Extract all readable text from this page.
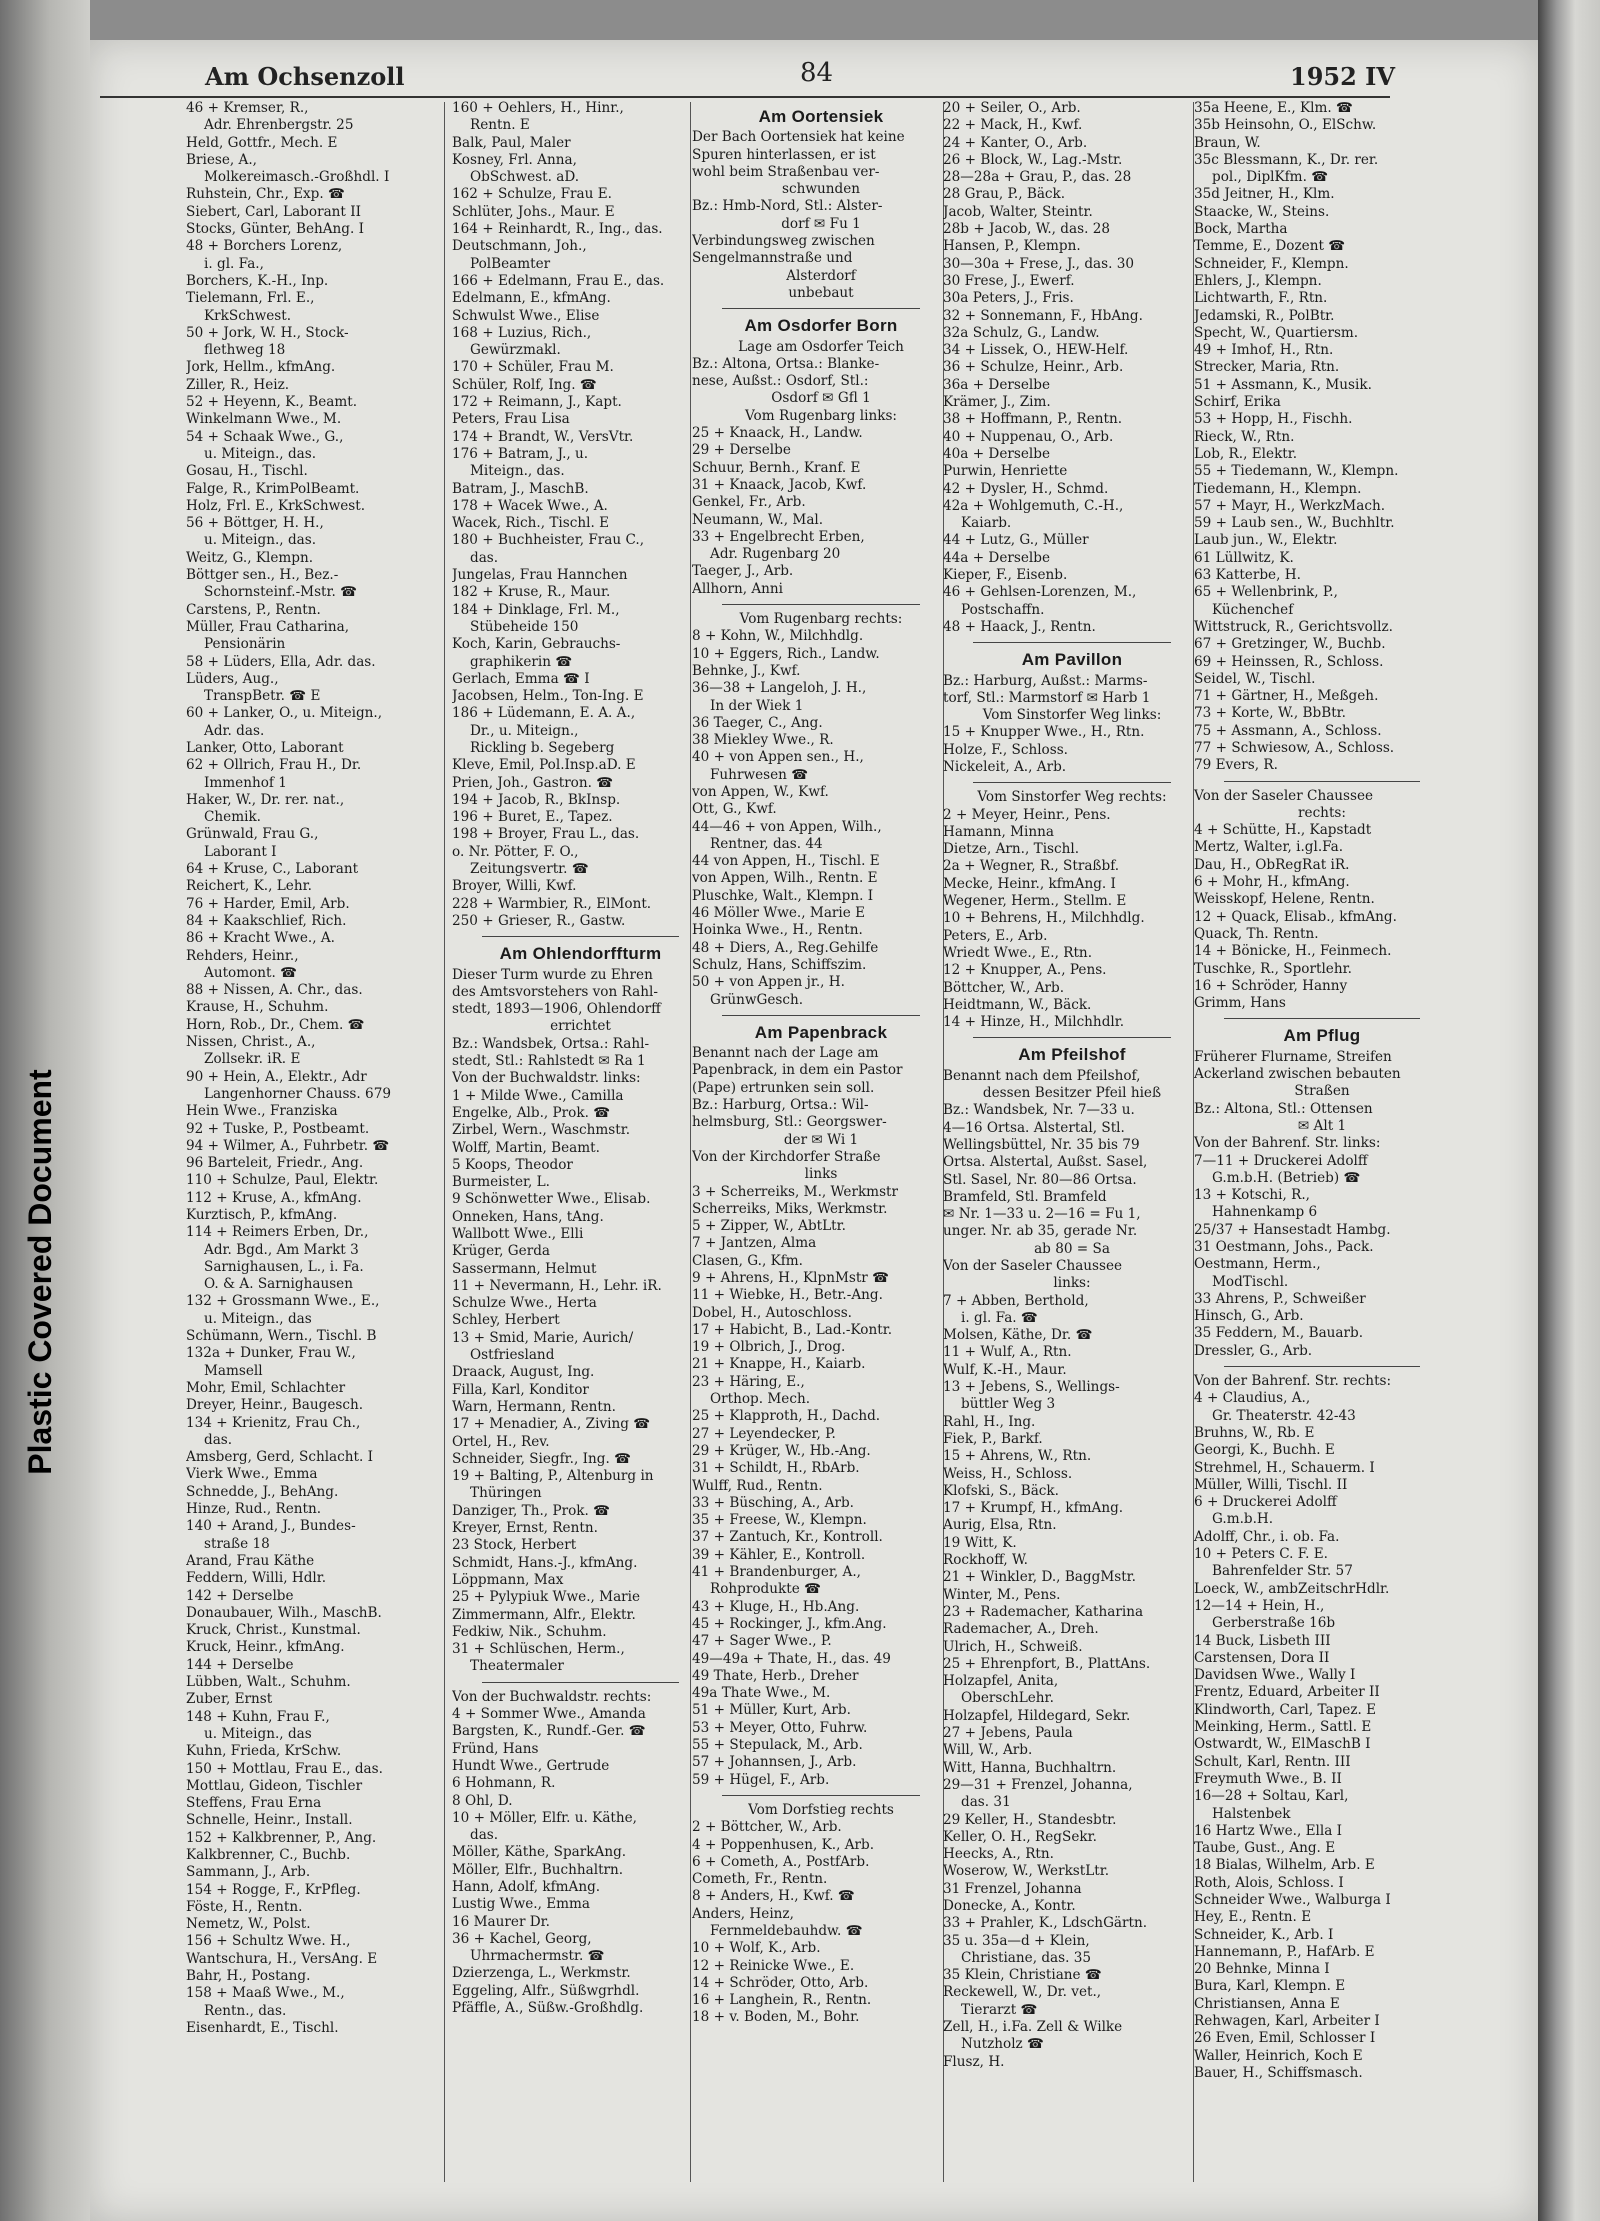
Plastic Covered Document
Am Ochsenzoll	84	1952 IV
46 + Kremser, R.,
Adr. Ehrenbergstr. 25
Held, Gottfr., Mech. E
Briese, A.,
Molkereimasch.-Großhdl. I
Ruhstein, Chr., Exp. ☎
Siebert, Carl, Laborant II
Stocks, Günter, BehAng. I
48 + Borchers Lorenz,
i. gl. Fa.,
Borchers, K.-H., Inp.
Tielemann, Frl. E.,
KrkSchwest.
50 + Jork, W. H., Stock-
flethweg 18
Jork, Hellm., kfmAng.
Ziller, R., Heiz.
52 + Heyenn, K., Beamt.
Winkelmann Wwe., M.
54 + Schaak Wwe., G.,
u. Miteign., das.
Gosau, H., Tischl.
Falge, R., KrimPolBeamt.
Holz, Frl. E., KrkSchwest.
56 + Böttger, H. H.,
u. Miteign., das.
Weitz, G., Klempn.
Böttger sen., H., Bez.-
Schornsteinf.-Mstr. ☎
Carstens, P., Rentn.
Müller, Frau Catharina,
Pensionärin
58 + Lüders, Ella, Adr. das.
Lüders, Aug.,
TranspBetr. ☎ E
60 + Lanker, O., u. Miteign.,
Adr. das.
Lanker, Otto, Laborant
62 + Ollrich, Frau H., Dr.
Immenhof 1
Haker, W., Dr. rer. nat.,
Chemik.
Grünwald, Frau G.,
Laborant I
64 + Kruse, C., Laborant
Reichert, K., Lehr.
76 + Harder, Emil, Arb.
84 + Kaakschlief, Rich.
86 + Kracht Wwe., A.
Rehders, Heinr.,
Automont. ☎
88 + Nissen, A. Chr., das.
Krause, H., Schuhm.
Horn, Rob., Dr., Chem. ☎
Nissen, Christ., A.,
Zollsekr. iR. E
90 + Hein, A., Elektr., Adr
Langenhorner Chauss. 679
Hein Wwe., Franziska
92 + Tuske, P., Postbeamt.
94 + Wilmer, A., Fuhrbetr. ☎
96 Barteleit, Friedr., Ang.
110 + Schulze, Paul, Elektr.
112 + Kruse, A., kfmAng.
Kurztisch, P., kfmAng.
114 + Reimers Erben, Dr.,
Adr. Bgd., Am Markt 3
Sarnighausen, L., i. Fa.
O. & A. Sarnighausen
132 + Grossmann Wwe., E.,
u. Miteign., das
Schümann, Wern., Tischl. B
132a + Dunker, Frau W.,
Mamsell
Mohr, Emil, Schlachter
Dreyer, Heinr., Baugesch.
134 + Krienitz, Frau Ch.,
das.
Amsberg, Gerd, Schlacht. I
Vierk Wwe., Emma
Schnedde, J., BehAng.
Hinze, Rud., Rentn.
140 + Arand, J., Bundes-
straße 18
Arand, Frau Käthe
Feddern, Willi, Hdlr.
142 + Derselbe
Donaubauer, Wilh., MaschB.
Kruck, Christ., Kunstmal.
Kruck, Heinr., kfmAng.
144 + Derselbe
Lübben, Walt., Schuhm.
Zuber, Ernst
148 + Kuhn, Frau F.,
u. Miteign., das
Kuhn, Frieda, KrSchw.
150 + Mottlau, Frau E., das.
Mottlau, Gideon, Tischler
Steffens, Frau Erna
Schnelle, Heinr., Install.
152 + Kalkbrenner, P., Ang.
Kalkbrenner, C., Buchb.
Sammann, J., Arb.
154 + Rogge, F., KrPfleg.
Föste, H., Rentn.
Nemetz, W., Polst.
156 + Schultz Wwe. H.,
Wantschura, H., VersAng. E
Bahr, H., Postang.
158 + Maaß Wwe., M.,
Rentn., das.
Eisenhardt, E., Tischl.
160 + Oehlers, H., Hinr.,
Rentn. E
Balk, Paul, Maler
Kosney, Frl. Anna,
ObSchwest. aD.
162 + Schulze, Frau E.
Schlüter, Johs., Maur. E
164 + Reinhardt, R., Ing., das.
Deutschmann, Joh.,
PolBeamter
166 + Edelmann, Frau E., das.
Edelmann, E., kfmAng.
Schwulst Wwe., Elise
168 + Luzius, Rich.,
Gewürzmakl.
170 + Schüler, Frau M.
Schüler, Rolf, Ing. ☎
172 + Reimann, J., Kapt.
Peters, Frau Lisa
174 + Brandt, W., VersVtr.
176 + Batram, J., u.
Miteign., das.
Batram, J., MaschB.
178 + Wacek Wwe., A.
Wacek, Rich., Tischl. E
180 + Buchheister, Frau C.,
das.
Jungelas, Frau Hannchen
182 + Kruse, R., Maur.
184 + Dinklage, Frl. M.,
Stübeheide 150
Koch, Karin, Gebrauchs-
graphikerin ☎
Gerlach, Emma ☎ I
Jacobsen, Helm., Ton-Ing. E
186 + Lüdemann, E. A. A.,
Dr., u. Miteign.,
Rickling b. Segeberg
Kleve, Emil, Pol.Insp.aD. E
Prien, Joh., Gastron. ☎
194 + Jacob, R., BkInsp.
196 + Buret, E., Tapez.
198 + Broyer, Frau L., das.
o. Nr. Pötter, F. O.,
Zeitungsvertr. ☎
Broyer, Willi, Kwf.
228 + Warmbier, R., ElMont.
250 + Grieser, R., Gastw.
Am Ohlendorffturm
Dieser Turm wurde zu Ehren
des Amtsvorstehers von Rahl-
stedt, 1893—1906, Ohlendorff
errichtet
Bz.: Wandsbek, Ortsa.: Rahl-
stedt, Stl.: Rahlstedt ✉ Ra 1
Von der Buchwaldstr. links:
1 + Milde Wwe., Camilla
Engelke, Alb., Prok. ☎
Zirbel, Wern., Waschmstr.
Wolff, Martin, Beamt.
5 Koops, Theodor
Burmeister, L.
9 Schönwetter Wwe., Elisab.
Onneken, Hans, tAng.
Wallbott Wwe., Elli
Krüger, Gerda
Sassermann, Helmut
11 + Nevermann, H., Lehr. iR.
Schulze Wwe., Herta
Schley, Herbert
13 + Smid, Marie, Aurich/
Ostfriesland
Draack, August, Ing.
Filla, Karl, Konditor
Warn, Hermann, Rentn.
17 + Menadier, A., Ziving ☎
Ortel, H., Rev.
Schneider, Siegfr., Ing. ☎
19 + Balting, P., Altenburg in
Thüringen
Danziger, Th., Prok. ☎
Kreyer, Ernst, Rentn.
23 Stock, Herbert
Schmidt, Hans.-J., kfmAng.
Löppmann, Max
25 + Pylypiuk Wwe., Marie
Zimmermann, Alfr., Elektr.
Fedkiw, Nik., Schuhm.
31 + Schlüschen, Herm.,
Theatermaler
Von der Buchwaldstr. rechts:
4 + Sommer Wwe., Amanda
Bargsten, K., Rundf.-Ger. ☎
Fründ, Hans
Hundt Wwe., Gertrude
6 Hohmann, R.
8 Ohl, D.
10 + Möller, Elfr. u. Käthe,
das.
Möller, Käthe, SparkAng.
Möller, Elfr., Buchhaltrn.
Hann, Adolf, kfmAng.
Lustig Wwe., Emma
16 Maurer Dr.
36 + Kachel, Georg,
Uhrmachermstr. ☎
Dzierzenga, L., Werkmstr.
Eggeling, Alfr., Süßwgrhdl.
Pfäffle, A., Süßw.-Großhdlg.
Am Oortensiek
Der Bach Oortensiek hat keine
Spuren hinterlassen, er ist
wohl beim Straßenbau ver-
schwunden
Bz.: Hmb-Nord, Stl.: Alster-
dorf ✉ Fu 1
Verbindungsweg zwischen
Sengelmannstraße und
Alsterdorf
unbebaut
Am Osdorfer Born
Lage am Osdorfer Teich
Bz.: Altona, Ortsa.: Blanke-
nese, Außst.: Osdorf, Stl.:
Osdorf ✉ Gfl 1
Vom Rugenbarg links:
25 + Knaack, H., Landw.
29 + Derselbe
Schuur, Bernh., Kranf. E
31 + Knaack, Jacob, Kwf.
Genkel, Fr., Arb.
Neumann, W., Mal.
33 + Engelbrecht Erben,
Adr. Rugenbarg 20
Taeger, J., Arb.
Allhorn, Anni
Vom Rugenbarg rechts:
8 + Kohn, W., Milchhdlg.
10 + Eggers, Rich., Landw.
Behnke, J., Kwf.
36—38 + Langeloh, J. H.,
In der Wiek 1
36 Taeger, C., Ang.
38 Miekley Wwe., R.
40 + von Appen sen., H.,
Fuhrwesen ☎
von Appen, W., Kwf.
Ott, G., Kwf.
44—46 + von Appen, Wilh.,
Rentner, das. 44
44 von Appen, H., Tischl. E
von Appen, Wilh., Rentn. E
Pluschke, Walt., Klempn. I
46 Möller Wwe., Marie E
Hoinka Wwe., H., Rentn.
48 + Diers, A., Reg.Gehilfe
Schulz, Hans, Schiffszim.
50 + von Appen jr., H.
GrünwGesch.
Am Papenbrack
Benannt nach der Lage am
Papenbrack, in dem ein Pastor
(Pape) ertrunken sein soll.
Bz.: Harburg, Ortsa.: Wil-
helmsburg, Stl.: Georgswer-
der ✉ Wi 1
Von der Kirchdorfer Straße
links
3 + Scherreiks, M., Werkmstr
Scherreiks, Miks, Werkmstr.
5 + Zipper, W., AbtLtr.
7 + Jantzen, Alma
Clasen, G., Kfm.
9 + Ahrens, H., KlpnMstr ☎
11 + Wiebke, H., Betr.-Ang.
Dobel, H., Autoschloss.
17 + Habicht, B., Lad.-Kontr.
19 + Olbrich, J., Drog.
21 + Knappe, H., Kaiarb.
23 + Häring, E.,
Orthop. Mech.
25 + Klapproth, H., Dachd.
27 + Leyendecker, P.
29 + Krüger, W., Hb.-Ang.
31 + Schildt, H., RbArb.
Wulff, Rud., Rentn.
33 + Büsching, A., Arb.
35 + Freese, W., Klempn.
37 + Zantuch, Kr., Kontroll.
39 + Kähler, E., Kontroll.
41 + Brandenburger, A.,
Rohprodukte ☎
43 + Kluge, H., Hb.Ang.
45 + Rockinger, J., kfm.Ang.
47 + Sager Wwe., P.
49—49a + Thate, H., das. 49
49 Thate, Herb., Dreher
49a Thate Wwe., M.
51 + Müller, Kurt, Arb.
53 + Meyer, Otto, Fuhrw.
55 + Stepulack, M., Arb.
57 + Johannsen, J., Arb.
59 + Hügel, F., Arb.
Vom Dorfstieg rechts
2 + Böttcher, W., Arb.
4 + Poppenhusen, K., Arb.
6 + Cometh, A., PostfArb.
Cometh, Fr., Rentn.
8 + Anders, H., Kwf. ☎
Anders, Heinz,
Fernmeldebauhdw. ☎
10 + Wolf, K., Arb.
12 + Reinicke Wwe., E.
14 + Schröder, Otto, Arb.
16 + Langhein, R., Rentn.
18 + v. Boden, M., Bohr.
20 + Seiler, O., Arb.
22 + Mack, H., Kwf.
24 + Kanter, O., Arb.
26 + Block, W., Lag.-Mstr.
28—28a + Grau, P., das. 28
28 Grau, P., Bäck.
Jacob, Walter, Steintr.
28b + Jacob, W., das. 28
Hansen, P., Klempn.
30—30a + Frese, J., das. 30
30 Frese, J., Ewerf.
30a Peters, J., Fris.
32 + Sonnemann, F., HbAng.
32a Schulz, G., Landw.
34 + Lissek, O., HEW-Helf.
36 + Schulze, Heinr., Arb.
36a + Derselbe
Krämer, J., Zim.
38 + Hoffmann, P., Rentn.
40 + Nuppenau, O., Arb.
40a + Derselbe
Purwin, Henriette
42 + Dysler, H., Schmd.
42a + Wohlgemuth, C.-H.,
Kaiarb.
44 + Lutz, G., Müller
44a + Derselbe
Kieper, F., Eisenb.
46 + Gehlsen-Lorenzen, M.,
Postschaffn.
48 + Haack, J., Rentn.
Am Pavillon
Bz.: Harburg, Außst.: Marms-
torf, Stl.: Marmstorf ✉ Harb 1
Vom Sinstorfer Weg links:
15 + Knupper Wwe., H., Rtn.
Holze, F., Schloss.
Nickeleit, A., Arb.
Vom Sinstorfer Weg rechts:
2 + Meyer, Heinr., Pens.
Hamann, Minna
Dietze, Arn., Tischl.
2a + Wegner, R., Straßbf.
Mecke, Heinr., kfmAng. I
Wegener, Herm., Stellm. E
10 + Behrens, H., Milchhdlg.
Peters, E., Arb.
Wriedt Wwe., E., Rtn.
12 + Knupper, A., Pens.
Böttcher, W., Arb.
Heidtmann, W., Bäck.
14 + Hinze, H., Milchhdlr.
Am Pfeilshof
Benannt nach dem Pfeilshof,
dessen Besitzer Pfeil hieß
Bz.: Wandsbek, Nr. 7—33 u.
4—16 Ortsa. Alstertal, Stl.
Wellingsbüttel, Nr. 35 bis 79
Ortsa. Alstertal, Außst. Sasel,
Stl. Sasel, Nr. 80—86 Ortsa.
Bramfeld, Stl. Bramfeld
✉ Nr. 1—33 u. 2—16 = Fu 1,
unger. Nr. ab 35, gerade Nr.
ab 80 = Sa
Von der Saseler Chaussee
links:
7 + Abben, Berthold,
i. gl. Fa. ☎
Molsen, Käthe, Dr. ☎
11 + Wulf, A., Rtn.
Wulf, K.-H., Maur.
13 + Jebens, S., Wellings-
büttler Weg 3
Rahl, H., Ing.
Fiek, P., Barkf.
15 + Ahrens, W., Rtn.
Weiss, H., Schloss.
Klofski, S., Bäck.
17 + Krumpf, H., kfmAng.
Aurig, Elsa, Rtn.
19 Witt, K.
Rockhoff, W.
21 + Winkler, D., BaggMstr.
Winter, M., Pens.
23 + Rademacher, Katharina
Rademacher, A., Dreh.
Ulrich, H., Schweiß.
25 + Ehrenpfort, B., PlattAns.
Holzapfel, Anita,
OberschLehr.
Holzapfel, Hildegard, Sekr.
27 + Jebens, Paula
Will, W., Arb.
Witt, Hanna, Buchhaltrn.
29—31 + Frenzel, Johanna,
das. 31
29 Keller, H., Standesbtr.
Keller, O. H., RegSekr.
Heecks, A., Rtn.
Woserow, W., WerkstLtr.
31 Frenzel, Johanna
Donecke, A., Kontr.
33 + Prahler, K., LdschGärtn.
35 u. 35a—d + Klein,
Christiane, das. 35
35 Klein, Christiane ☎
Reckewell, W., Dr. vet.,
Tierarzt ☎
Zell, H., i.Fa. Zell & Wilke
Nutzholz ☎
Flusz, H.
35a Heene, E., Klm. ☎
35b Heinsohn, O., ElSchw.
Braun, W.
35c Blessmann, K., Dr. rer.
pol., DiplKfm. ☎
35d Jeitner, H., Klm.
Staacke, W., Steins.
Bock, Martha
Temme, E., Dozent ☎
Schneider, F., Klempn.
Ehlers, J., Klempn.
Lichtwarth, F., Rtn.
Jedamski, R., PolBtr.
Specht, W., Quartiersm.
49 + Imhof, H., Rtn.
Strecker, Maria, Rtn.
51 + Assmann, K., Musik.
Schirf, Erika
53 + Hopp, H., Fischh.
Rieck, W., Rtn.
Lob, R., Elektr.
55 + Tiedemann, W., Klempn.
Tiedemann, H., Klempn.
57 + Mayr, H., WerkzMach.
59 + Laub sen., W., Buchhltr.
Laub jun., W., Elektr.
61 Lüllwitz, K.
63 Katterbe, H.
65 + Wellenbrink, P.,
Küchenchef
Wittstruck, R., Gerichtsvollz.
67 + Gretzinger, W., Buchb.
69 + Heinssen, R., Schloss.
Seidel, W., Tischl.
71 + Gärtner, H., Meßgeh.
73 + Korte, W., BbBtr.
75 + Assmann, A., Schloss.
77 + Schwiesow, A., Schloss.
79 Evers, R.
Von der Saseler Chaussee
rechts:
4 + Schütte, H., Kapstadt
Mertz, Walter, i.gl.Fa.
Dau, H., ObRegRat iR.
6 + Mohr, H., kfmAng.
Weisskopf, Helene, Rentn.
12 + Quack, Elisab., kfmAng.
Quack, Th. Rentn.
14 + Bönicke, H., Feinmech.
Tuschke, R., Sportlehr.
16 + Schröder, Hanny
Grimm, Hans
Am Pflug
Früherer Flurname, Streifen
Ackerland zwischen bebauten
Straßen
Bz.: Altona, Stl.: Ottensen
✉ Alt 1
Von der Bahrenf. Str. links:
7—11 + Druckerei Adolff
G.m.b.H. (Betrieb) ☎
13 + Kotschi, R.,
Hahnenkamp 6
25/37 + Hansestadt Hambg.
31 Oestmann, Johs., Pack.
Oestmann, Herm.,
ModTischl.
33 Ahrens, P., Schweißer
Hinsch, G., Arb.
35 Feddern, M., Bauarb.
Dressler, G., Arb.
Von der Bahrenf. Str. rechts:
4 + Claudius, A.,
Gr. Theaterstr. 42-43
Bruhns, W., Rb. E
Georgi, K., Buchh. E
Strehmel, H., Schauerm. I
Müller, Willi, Tischl. II
6 + Druckerei Adolff
G.m.b.H.
Adolff, Chr., i. ob. Fa.
10 + Peters C. F. E.
Bahrenfelder Str. 57
Loeck, W., ambZeitschrHdlr.
12—14 + Hein, H.,
Gerberstraße 16b
14 Buck, Lisbeth III
Carstensen, Dora II
Davidsen Wwe., Wally I
Frentz, Eduard, Arbeiter II
Klindworth, Carl, Tapez. E
Meinking, Herm., Sattl. E
Ostwardt, W., ElMaschB I
Schult, Karl, Rentn. III
Freymuth Wwe., B. II
16—28 + Soltau, Karl,
Halstenbek
16 Hartz Wwe., Ella I
Taube, Gust., Ang. E
18 Bialas, Wilhelm, Arb. E
Roth, Alois, Schloss. I
Schneider Wwe., Walburga I
Hey, E., Rentn. E
Schneider, K., Arb. I
Hannemann, P., HafArb. E
20 Behnke, Minna I
Bura, Karl, Klempn. E
Christiansen, Anna E
Rehwagen, Karl, Arbeiter I
26 Even, Emil, Schlosser I
Waller, Heinrich, Koch E
Bauer, H., Schiffsmasch.
